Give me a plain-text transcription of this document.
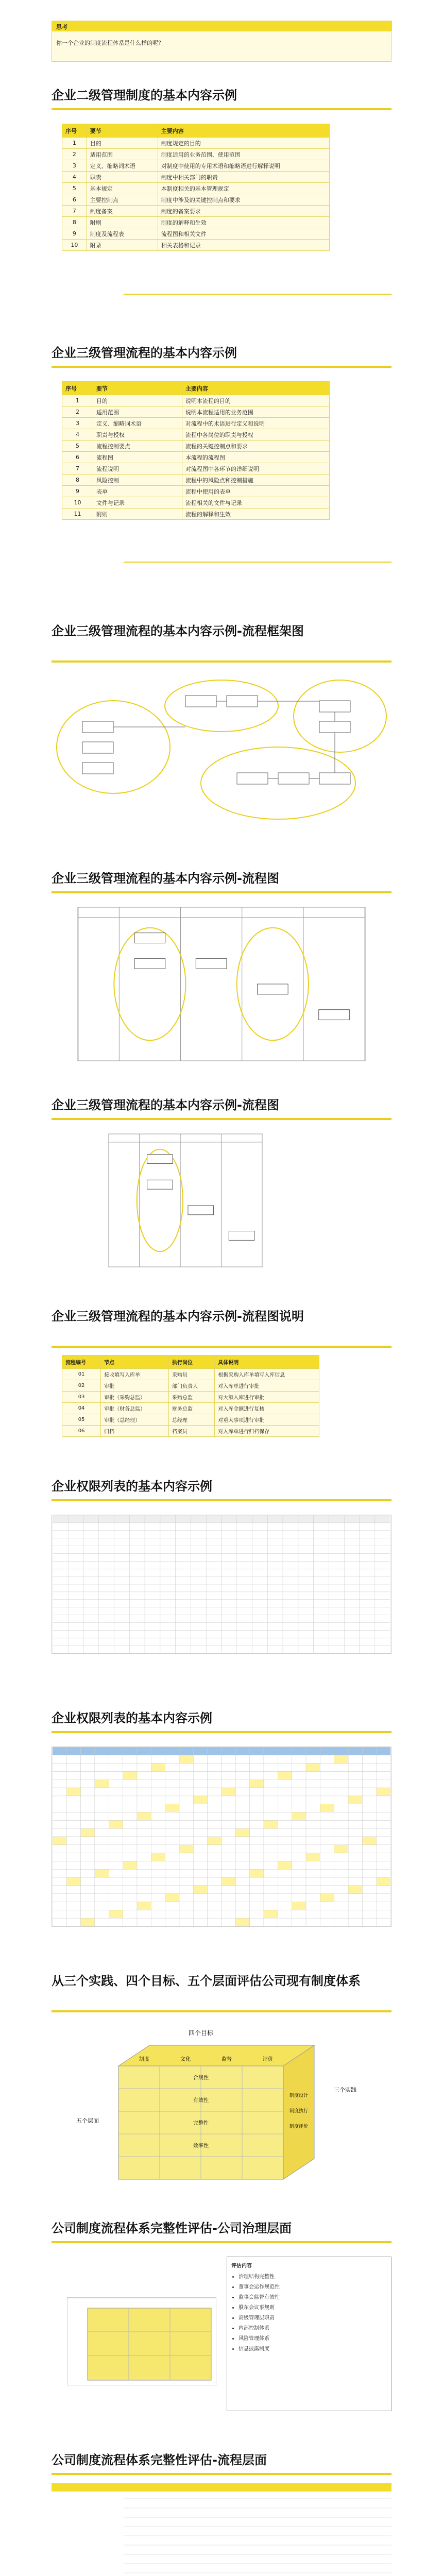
思考
你一个企业的制度流程体系是什么样的呢？
企业二级管理制度的基本内容示例
序号	要节	主要内容
1	目的	制度规定的目的
2	适用范围	制度适用的业务范围、使用范围
3	定义、缩略词术语	对制度中使用的专用术语和缩略语进行解释说明
4	职责	制度中相关部门的职责
5	基本规定	本制度相关的基本管理规定
6	主要控制点	制度中涉及的关键控制点和要求
7	制度备案	制度的备案要求
8	附则	制度的解释和生效
9	制度及流程表	流程图和相关文件
10	附录	相关表格和记录
企业三级管理流程的基本内容示例
序号	要节	主要内容
1	目的	说明本流程的目的
2	适用范围	说明本流程适用的业务范围
3	定义、缩略词术语	对流程中的术语进行定义和说明
4	职责与授权	流程中各岗位的职责与授权
5	流程控制要点	流程的关键控制点和要求
6	流程图	本流程的流程图
7	流程说明	对流程图中各环节的详细说明
8	风险控制	流程中的风险点和控制措施
9	表单	流程中使用的表单
10	文件与记录	流程相关的文件与记录
11	附则	流程的解释和生效
企业三级管理流程的基本内容示例-流程框架图
企业三级管理流程的基本内容示例-流程图
企业三级管理流程的基本内容示例-流程图
企业三级管理流程的基本内容示例-流程图说明
流程编号	节点	执行岗位	具体说明
01	接收填写入库单	采购员	根据采购入库单填写入库信息
02	审批	部门负责人	对入库单进行审批
03	审批（采购总监）	采购总监	对大额入库进行审批
04	审批（财务总监）	财务总监	对入库金额进行复核
05	审批（总经理）	总经理	对重大事项进行审批
06	归档	档案员	对入库单进行归档保存
企业权限列表的基本内容示例
企业权限列表的基本内容示例
从三个实践、四个目标、五个层面评估公司现有制度体系
四个目标
制度	文化	监督	评价
合规性
有效性
完整性
效率性
五个层面
三个实践
制度设计
制度执行
制度评价
公司制度流程体系完整性评估-公司治理层面
评估内容
• 治理结构完整性
• 董事会运作规范性
• 监事会监督有效性
• 股东会议事规则
• 高级管理层职责
• 内部控制体系
• 风险管理体系
• 信息披露制度
公司制度流程体系完整性评估-流程层面
